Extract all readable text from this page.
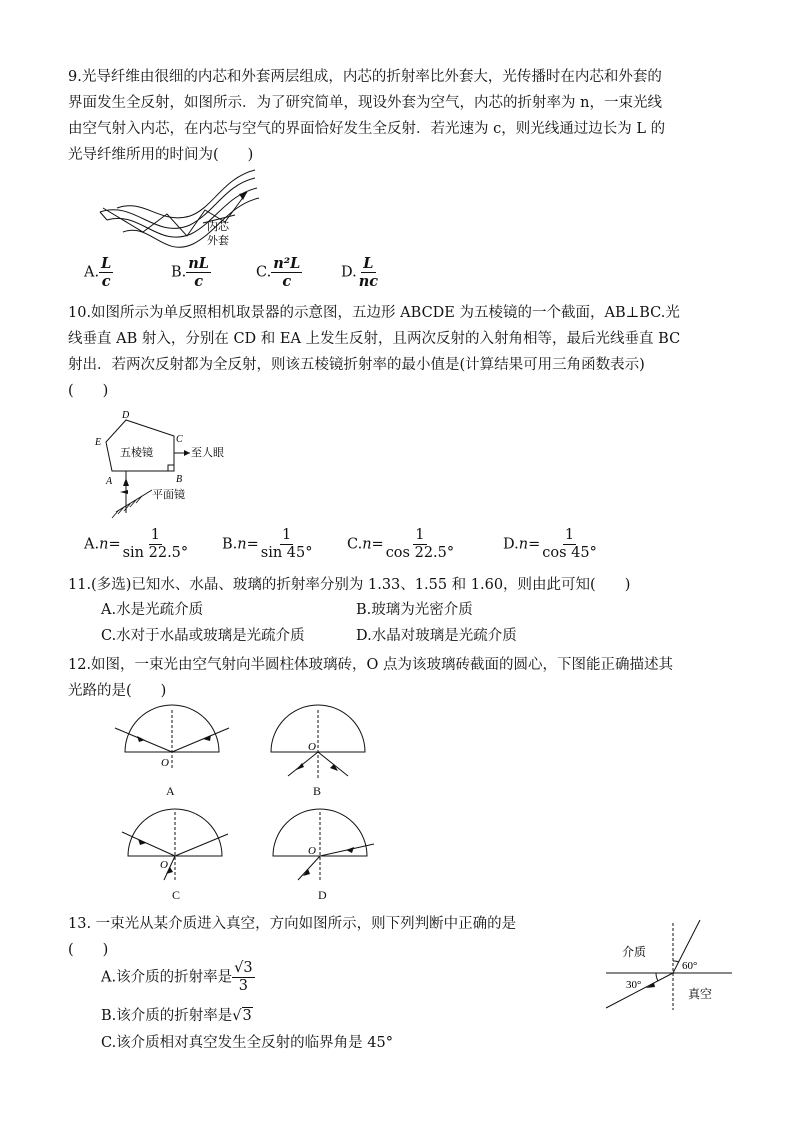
9.光导纤维由很细的内芯和外套两层组成，内芯的折射率比外套大，光传播时在内芯和外套的
界面发生全反射，如图所示．为了研究简单，现设外套为空气，内芯的折射率为 n，一束光线
由空气射入内芯，在内芯与空气的界面恰好发生全反射．若光速为 c，则光线通过边长为 L 的
光导纤维所用的时间为(　　)
内芯
外套
A. $\frac{L}{c}$	B. $\frac{nL}{c}$	C. $\frac{\text{n²L}}{c}$	D. $\frac{L}{nc}$
10.如图所示为单反照相机取景器的示意图，五边形 ABCDE 为五棱镜的一个截面，AB⊥BC.光
线垂直 AB 射入，分别在 CD 和 EA 上发生反射，且两次反射的入射角相等，最后光线垂直 BC
射出．若两次反射都为全反射，则该五棱镜折射率的最小值是(计算结果可用三角函数表示)
(　　)
五棱镜	至人眼
平面镜
A	B
C
D
E
$A.n= \frac{1}{\sin 22.5^\circ} B.n= \frac{1}{\sin 45^\circ} C.n= \frac{1}{\cos 22.5^\circ}$	$D.n= \frac{1}{\cos 45^\circ}$
11.(多选)已知水、水晶、玻璃的折射率分别为 1.33、1.55 和 1.60，则由此可知(　　)
A.水是光疏介质	B.玻璃为光密介质
C.水对于水晶或玻璃是光疏介质	D.水晶对玻璃是光疏介质
12.如图，一束光由空气射向半圆柱体玻璃砖，O 点为该玻璃砖截面的圆心，下图能正确描述其
光路的是(　　)
O
A
O
B
O
C
O
D
13. 一束光从某介质进入真空，方向如图所示，则下列判断中正确的是
(　　)
A.该介质的折射率是 $\frac{√3}{3}$
B.该介质的折射率是√3
C.该介质相对真空发生全反射的临界角是 45°
介质
真空
60°
30°
